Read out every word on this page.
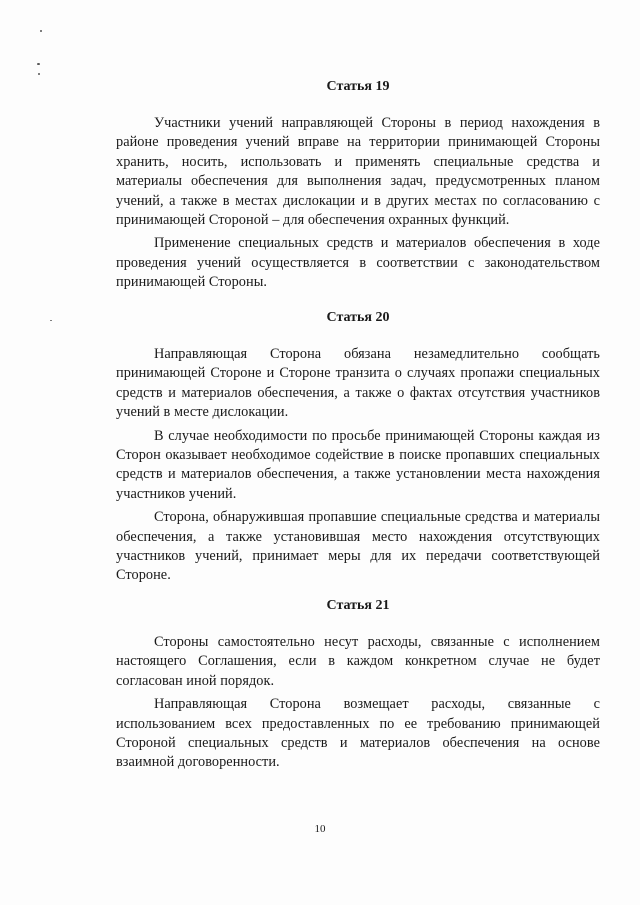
Статья 19

Участники учений направляющей Стороны в период нахождения в районе проведения учений вправе на территории принимающей Стороны хранить, носить, использовать и применять специальные средства и материалы обеспечения для выполнения задач, предусмотренных планом учений, а также в местах дислокации и в других местах по согласованию с принимающей Стороной – для обеспечения охранных функций.

Применение специальных средств и материалов обеспечения в ходе проведения учений осуществляется в соответствии с законодательством принимающей Стороны.

Статья 20

Направляющая Сторона обязана незамедлительно сообщать принимающей Стороне и Стороне транзита о случаях пропажи специальных средств и материалов обеспечения, а также о фактах отсутствия участников учений в месте дислокации.

В случае необходимости по просьбе принимающей Стороны каждая из Сторон оказывает необходимое содействие в поиске пропавших специальных средств и материалов обеспечения, а также установлении места нахождения участников учений.

Сторона, обнаружившая пропавшие специальные средства и материалы обеспечения, а также установившая место нахождения отсутствующих участников учений, принимает меры для их передачи соответствующей Стороне.

Статья 21

Стороны самостоятельно несут расходы, связанные с исполнением настоящего Соглашения, если в каждом конкретном случае не будет согласован иной порядок.

Направляющая Сторона возмещает расходы, связанные с использованием всех предоставленных по ее требованию принимающей Стороной специальных средств и материалов обеспечения на основе взаимной договоренности.

10
